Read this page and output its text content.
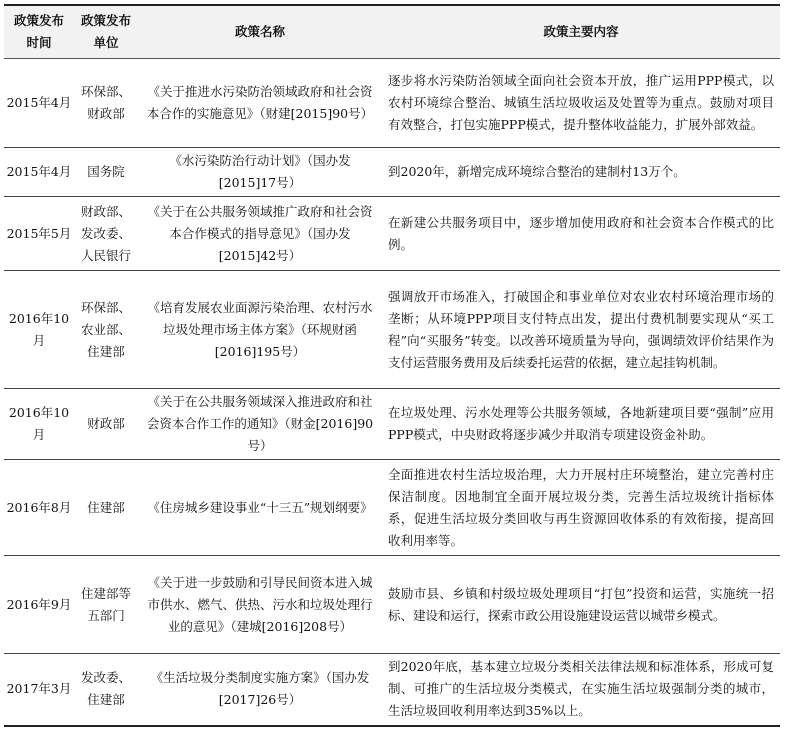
政策发布时间	政策发布单位	政策名称	政策主要内容
2015年4月	环保部、财政部	《关于推进水污染防治领域政府和社会资本合作的实施意见》（财建[2015]90号）	逐步将水污染防治领域全面向社会资本开放，推广运用PPP模式，以农村环境综合整治、城镇生活垃圾收运及处置等为重点。鼓励对项目有效整合，打包实施PPP模式，提升整体收益能力，扩展外部效益。
2015年4月	国务院	《水污染防治行动计划》（国办发[2015]17号）	到2020年，新增完成环境综合整治的建制村13万个。
2015年5月	财政部、发改委、人民银行	《关于在公共服务领域推广政府和社会资本合作模式的指导意见》（国办发[2015]42号）	在新建公共服务项目中，逐步增加使用政府和社会资本合作模式的比例。
2016年10月	环保部、农业部、住建部	《培育发展农业面源污染治理、农村污水垃圾处理市场主体方案》（环规财函[2016]195号）	强调放开市场准入，打破国企和事业单位对农业农村环境治理市场的垄断；从环境PPP项目支付特点出发，提出付费机制要实现从“买工程”向“买服务”转变。以改善环境质量为导向，强调绩效评价结果作为支付运营服务费用及后续委托运营的依据，建立起挂钩机制。
2016年10月	财政部	《关于在公共服务领域深入推进政府和社会资本合作工作的通知》（财金[2016]90号）	在垃圾处理、污水处理等公共服务领域，各地新建项目要“强制”应用PPP模式，中央财政将逐步减少并取消专项建设资金补助。
2016年8月	住建部	《住房城乡建设事业“十三五”规划纲要》	全面推进农村生活垃圾治理，大力开展村庄环境整治，建立完善村庄保洁制度。因地制宜全面开展垃圾分类，完善生活垃圾统计指标体系，促进生活垃圾分类回收与再生资源回收体系的有效衔接，提高回收利用率等。
2016年9月	住建部等五部门	《关于进一步鼓励和引导民间资本进入城市供水、燃气、供热、污水和垃圾处理行业的意见》（建城[2016]208号）	鼓励市县、乡镇和村级垃圾处理项目“打包”投资和运营，实施统一招标、建设和运行，探索市政公用设施建设运营以城带乡模式。
2017年3月	发改委、住建部	《生活垃圾分类制度实施方案》（国办发[2017]26号）	到2020年底，基本建立垃圾分类相关法律法规和标准体系，形成可复制、可推广的生活垃圾分类模式，在实施生活垃圾强制分类的城市，生活垃圾回收利用率达到35%以上。
